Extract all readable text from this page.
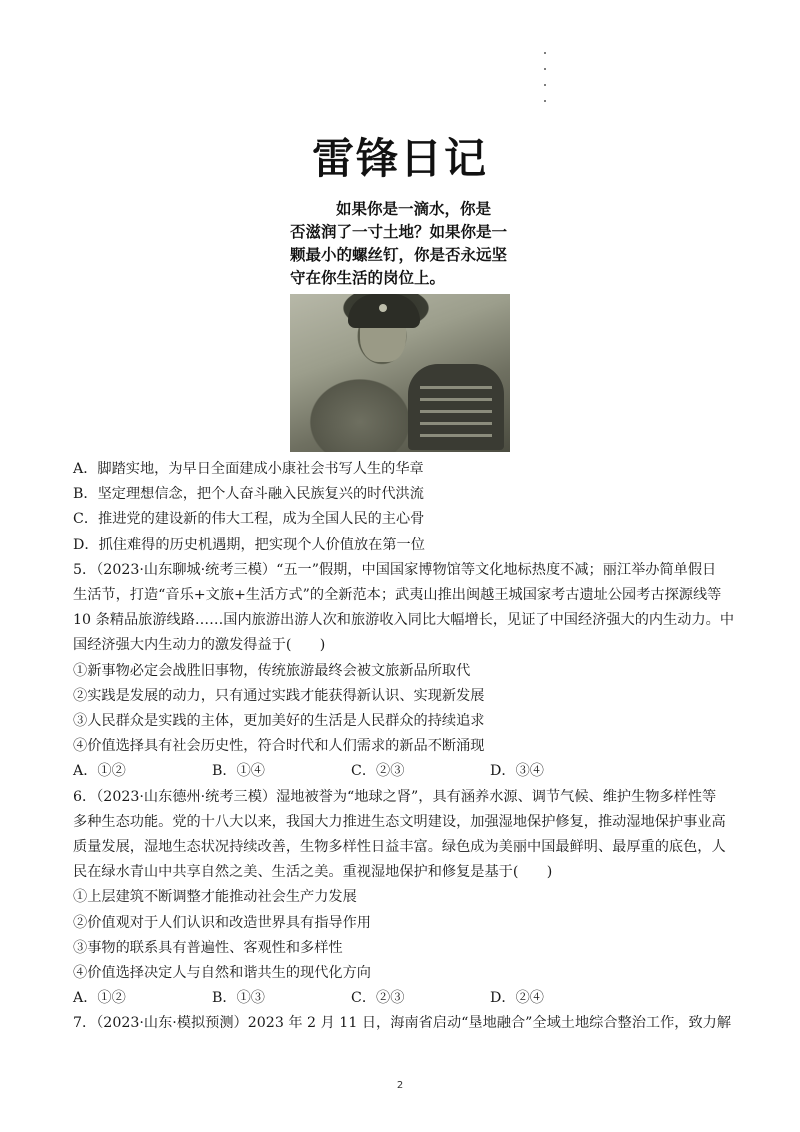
雷锋日记
如果你是一滴水，你是
否滋润了一寸土地？如果你是一
颗最小的螺丝钉，你是否永远坚
守在你生活的岗位上。

A．脚踏实地，为早日全面建成小康社会书写人生的华章

B．坚定理想信念，把个人奋斗融入民族复兴的时代洪流

C．推进党的建设新的伟大工程，成为全国人民的主心骨

D．抓住难得的历史机遇期，把实现个人价值放在第一位

5．（2023·山东聊城·统考三模）“五一”假期，中国国家博物馆等文化地标热度不减；丽江举办简单假日

生活节，打造“音乐+文旅+生活方式”的全新范本；武夷山推出闽越王城国家考古遗址公园考古探源线等

10 条精品旅游线路……国内旅游出游人次和旅游收入同比大幅增长，见证了中国经济强大的内生动力。中

国经济强大内生动力的激发得益于(　　)

①新事物必定会战胜旧事物，传统旅游最终会被文旅新品所取代

②实践是发展的动力，只有通过实践才能获得新认识、实现新发展

③人民群众是实践的主体，更加美好的生活是人民群众的持续追求

④价值选择具有社会历史性，符合时代和人们需求的新品不断涌现

A．①②	B．①④	C．②③	D．③④

6．（2023·山东德州·统考三模）湿地被誉为“地球之肾”，具有涵养水源、调节气候、维护生物多样性等

多种生态功能。党的十八大以来，我国大力推进生态文明建设，加强湿地保护修复，推动湿地保护事业高

质量发展，湿地生态状况持续改善，生物多样性日益丰富。绿色成为美丽中国最鲜明、最厚重的底色，人

民在绿水青山中共享自然之美、生活之美。重视湿地保护和修复是基于(　　)

①上层建筑不断调整才能推动社会生产力发展

②价值观对于人们认识和改造世界具有指导作用

③事物的联系具有普遍性、客观性和多样性

④价值选择决定人与自然和谐共生的现代化方向

A．①②	B．①③	C．②③	D．②④

7．（2023·山东·模拟预测）2023 年 2 月 11 日，海南省启动“垦地融合”全域土地综合整治工作，致力解

2
